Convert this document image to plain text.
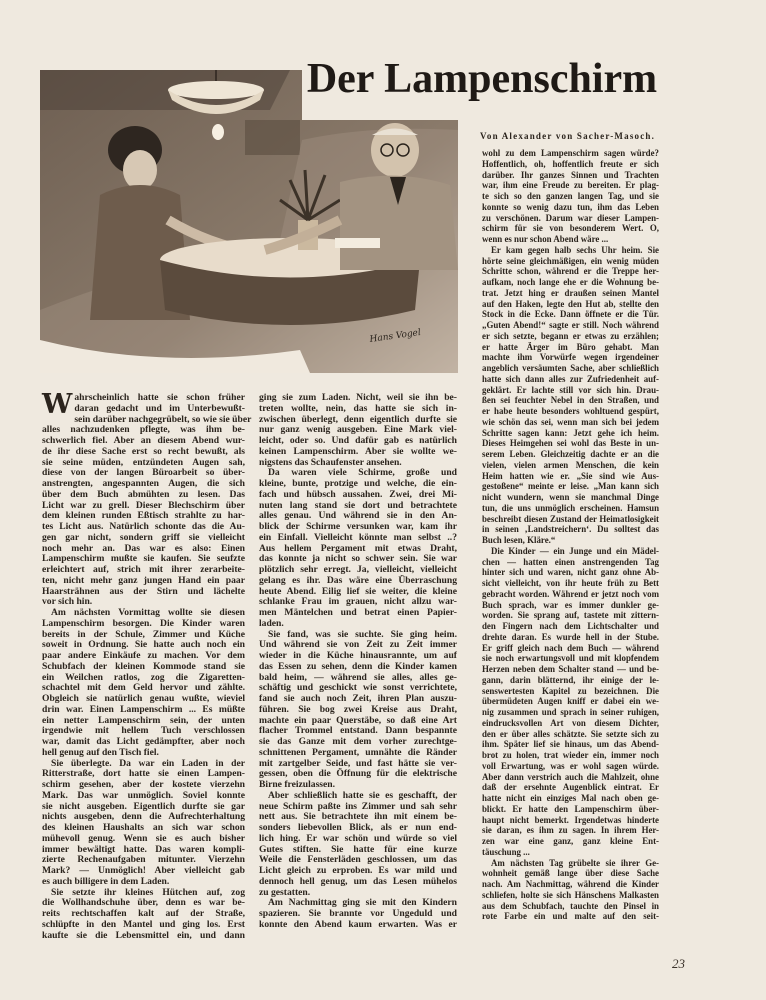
Der Lampenschirm
Von Alexander von Sacher-Masoch.
Hans Vogel
W ahrscheinlich hatte sie schon früher
daran gedacht und im Unterbewußt-
sein darüber nachgegrübelt, so wie sie über
alles nachzudenken pflegte, was ihm be-
schwerlich fiel. Aber an diesem Abend wur-
de ihr diese Sache erst so recht bewußt, als
sie seine müden, entzündeten Augen sah,
diese von der langen Büroarbeit so über-
anstrengten, angespannten Augen, die sich
über dem Buch abmühten zu lesen. Das
Licht war zu grell. Dieser Blechschirm über
dem kleinen runden Eßtisch strahlte zu har-
tes Licht aus. Natürlich schonte das die Au-
gen gar nicht, sondern griff sie vielleicht
noch mehr an. Das war es also: Einen
Lampenschirm mußte sie kaufen. Sie seufzte
erleichtert auf, strich mit ihrer zerarbeite-
ten, nicht mehr ganz jungen Hand ein paar
Haarsträhnen aus der Stirn und lächelte
vor sich hin.
Am nächsten Vormittag wollte sie diesen
Lampenschirm besorgen. Die Kinder waren
bereits in der Schule, Zimmer und Küche
soweit in Ordnung. Sie hatte auch noch ein
paar andere Einkäufe zu machen. Vor dem
Schubfach der kleinen Kommode stand sie
ein Weilchen ratlos, zog die Zigaretten-
schachtel mit dem Geld hervor und zählte.
Obgleich sie natürlich genau wußte, wieviel
drin war. Einen Lampenschirm ... Es müßte
ein netter Lampenschirm sein, der unten
irgendwie mit hellem Tuch verschlossen
war, damit das Licht gedämpfter, aber noch
hell genug auf den Tisch fiel.
Sie überlegte. Da war ein Laden in der
Ritterstraße, dort hatte sie einen Lampen-
schirm gesehen, aber der kostete vierzehn
Mark. Das war unmöglich. Soviel konnte
sie nicht ausgeben. Eigentlich durfte sie gar
nichts ausgeben, denn die Aufrechterhaltung
des kleinen Haushalts an sich war schon
mühevoll genug. Wenn sie es auch bisher
immer bewältigt hatte. Das waren kompli-
zierte Rechenaufgaben mitunter. Vierzehn
Mark? — Unmöglich! Aber vielleicht gab
es auch billigere in dem Laden.
Sie setzte ihr kleines Hütchen auf, zog
die Wollhandschuhe über, denn es war be-
reits rechtschaffen kalt auf der Straße,
schlüpfte in den Mantel und ging los. Erst
kaufte sie die Lebensmittel ein, und dann
ging sie zum Laden. Nicht, weil sie ihn be-
treten wollte, nein, das hatte sie sich in-
zwischen überlegt, denn eigentlich durfte sie
nur ganz wenig ausgeben. Eine Mark viel-
leicht, oder so. Und dafür gab es natürlich
keinen Lampenschirm. Aber sie wollte we-
nigstens das Schaufenster ansehen.
Da waren viele Schirme, große und
kleine, bunte, protzige und welche, die ein-
fach und hübsch aussahen. Zwei, drei Mi-
nuten lang stand sie dort und betrachtete
alles genau. Und während sie in den An-
blick der Schirme versunken war, kam ihr
ein Einfall. Vielleicht könnte man selbst ..?
Aus hellem Pergament mit etwas Draht,
das konnte ja nicht so schwer sein. Sie war
plötzlich sehr erregt. Ja, vielleicht, vielleicht
gelang es ihr. Das wäre eine Überraschung
heute Abend. Eilig lief sie weiter, die kleine
schlanke Frau im grauen, nicht allzu war-
men Mäntelchen und betrat einen Papier-
laden.
Sie fand, was sie suchte. Sie ging heim.
Und während sie von Zeit zu Zeit immer
wieder in die Küche hinausrannte, um auf
das Essen zu sehen, denn die Kinder kamen
bald heim, — während sie alles, alles ge-
schäftig und geschickt wie sonst verrichtete,
fand sie auch noch Zeit, ihren Plan auszu-
führen. Sie bog zwei Kreise aus Draht,
machte ein paar Querstäbe, so daß eine Art
flacher Trommel entstand. Dann bespannte
sie das Ganze mit dem vorher zurechtge-
schnittenen Pergament, umnähte die Ränder
mit zartgelber Seide, und fast hätte sie ver-
gessen, oben die Öffnung für die elektrische
Birne freizulassen.
Aber schließlich hatte sie es geschafft, der
neue Schirm paßte ins Zimmer und sah sehr
nett aus. Sie betrachtete ihn mit einem be-
sonders liebevollen Blick, als er nun end-
lich hing. Er war schön und würde so viel
Gutes stiften. Sie hatte für eine kurze
Weile die Fensterläden geschlossen, um das
Licht gleich zu erproben. Es war mild und
dennoch hell genug, um das Lesen mühelos
zu gestatten.
Am Nachmittag ging sie mit den Kindern
spazieren. Sie brannte vor Ungeduld und
konnte den Abend kaum erwarten. Was er
wohl zu dem Lampenschirm sagen würde?
Hoffentlich, oh, hoffentlich freute er sich
darüber. Ihr ganzes Sinnen und Trachten
war, ihm eine Freude zu bereiten. Er plag-
te sich so den ganzen langen Tag, und sie
konnte so wenig dazu tun, ihm das Leben
zu verschönen. Darum war dieser Lampen-
schirm für sie von besonderem Wert. O,
wenn es nur schon Abend wäre ...
Er kam gegen halb sechs Uhr heim. Sie
hörte seine gleichmäßigen, ein wenig müden
Schritte schon, während er die Treppe her-
aufkam, noch lange ehe er die Wohnung be-
trat. Jetzt hing er draußen seinen Mantel
auf den Haken, legte den Hut ab, stellte den
Stock in die Ecke. Dann öffnete er die Tür.
„Guten Abend!“ sagte er still. Noch während
er sich setzte, begann er etwas zu erzählen;
er hatte Ärger im Büro gehabt. Man
machte ihm Vorwürfe wegen irgendeiner
angeblich versäumten Sache, aber schließlich
hatte sich dann alles zur Zufriedenheit auf-
geklärt. Er lachte still vor sich hin. Drau-
ßen sei feuchter Nebel in den Straßen, und
er habe heute besonders wohltuend gespürt,
wie schön das sei, wenn man sich bei jedem
Schritte sagen kann: Jetzt gehe ich heim.
Dieses Heimgehen sei wohl das Beste in un-
serem Leben. Gleichzeitig dachte er an die
vielen, vielen armen Menschen, die kein
Heim hatten wie er. „Sie sind wie Aus-
gestoßene“ meinte er leise. „Man kann sich
nicht wundern, wenn sie manchmal Dinge
tun, die uns unmöglich erscheinen. Hamsun
beschreibt diesen Zustand der Heimatlosigkeit
in seinen ‚Landstreichern‘. Du solltest das
Buch lesen, Kläre.“
Die Kinder — ein Junge und ein Mädel-
chen — hatten einen anstrengenden Tag
hinter sich und waren, nicht ganz ohne Ab-
sicht vielleicht, von ihr heute früh zu Bett
gebracht worden. Während er jetzt noch vom
Buch sprach, war es immer dunkler ge-
worden. Sie sprang auf, tastete mit zittern-
den Fingern nach dem Lichtschalter und
drehte daran. Es wurde hell in der Stube.
Er griff gleich nach dem Buch — während
sie noch erwartungsvoll und mit klopfendem
Herzen neben dem Schalter stand — und be-
gann, darin blätternd, ihr einige der le-
senswertesten Kapitel zu bezeichnen. Die
übermüdeten Augen kniff er dabei ein we-
nig zusammen und sprach in seiner ruhigen,
eindrucksvollen Art von diesem Dichter,
den er über alles schätzte. Sie setzte sich zu
ihm. Später lief sie hinaus, um das Abend-
brot zu holen, trat wieder ein, immer noch
voll Erwartung, was er wohl sagen würde.
Aber dann verstrich auch die Mahlzeit, ohne
daß der ersehnte Augenblick eintrat. Er
hatte nicht ein einziges Mal nach oben ge-
blickt. Er hatte den Lampenschirm über-
haupt nicht bemerkt. Irgendetwas hinderte
sie daran, es ihm zu sagen. In ihrem Her-
zen war eine ganz, ganz kleine Ent-
täuschung ...
Am nächsten Tag grübelte sie ihrer Ge-
wohnheit gemäß lange über diese Sache
nach. Am Nachmittag, während die Kinder
schliefen, holte sie sich Hänschens Malkasten
aus dem Schubfach, tauchte den Pinsel in
rote Farbe ein und malte auf den seit-
23
